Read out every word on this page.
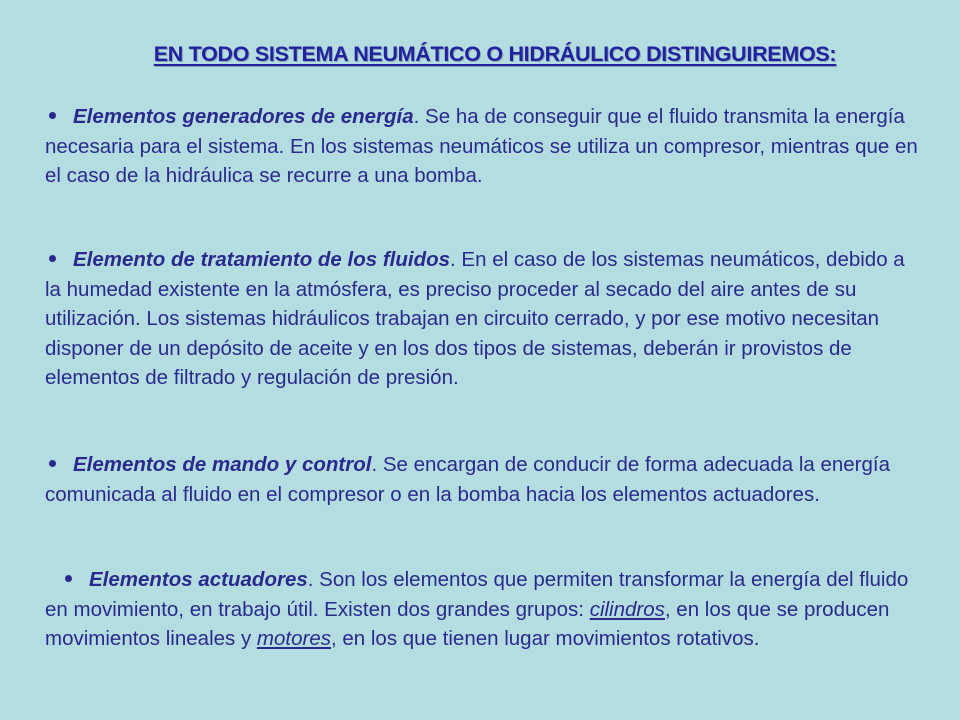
EN TODO SISTEMA NEUMÁTICO O HIDRÁULICO DISTINGUIREMOS:
Elementos generadores de energía. Se ha de conseguir que el fluido transmita la energía necesaria para el sistema. En los sistemas neumáticos se utiliza un compresor, mientras que en el caso de la hidráulica se recurre a una bomba.
Elemento de tratamiento de los fluidos. En el caso de los sistemas neumáticos, debido a la humedad existente en la atmósfera, es preciso proceder al secado del aire antes de su utilización. Los sistemas hidráulicos trabajan en circuito cerrado, y por ese motivo necesitan disponer de un depósito de aceite y en los dos tipos de sistemas, deberán ir provistos de elementos de filtrado y regulación de presión.
Elementos de mando y control. Se encargan de conducir de forma adecuada la energía comunicada al fluido en el compresor o en la bomba hacia los elementos actuadores.
Elementos actuadores. Son los elementos que permiten transformar la energía del fluido en movimiento, en trabajo útil. Existen dos grandes grupos: cilindros, en los que se producen movimientos lineales y motores, en los que tienen lugar movimientos rotativos.
